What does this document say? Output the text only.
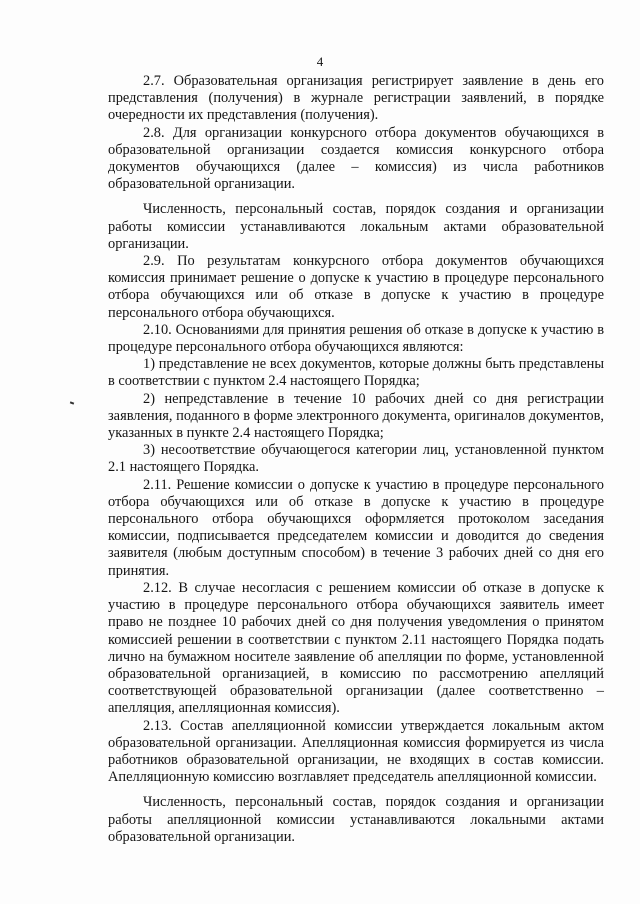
4

2.7. Образовательная организация регистрирует заявление в день его представления (получения) в журнале регистрации заявлений, в порядке очередности их представления (получения).

2.8. Для организации конкурсного отбора документов обучающихся в образовательной организации создается комиссия конкурсного отбора документов обучающихся (далее – комиссия) из числа работников образовательной организации.

Численность, персональный состав, порядок создания и организации работы комиссии устанавливаются локальным актами образовательной организации.

2.9. По результатам конкурсного отбора документов обучающихся комиссия принимает решение о допуске к участию в процедуре персонального отбора обучающихся или об отказе в допуске к участию в процедуре персонального отбора обучающихся.

2.10. Основаниями для принятия решения об отказе в допуске к участию в процедуре персонального отбора обучающихся являются:

1) представление не всех документов, которые должны быть представлены в соответствии с пунктом 2.4 настоящего Порядка;

2) непредставление в течение 10 рабочих дней со дня регистрации заявления, поданного в форме электронного документа, оригиналов документов, указанных в пункте 2.4 настоящего Порядка;

3) несоответствие обучающегося категории лиц, установленной пунктом 2.1 настоящего Порядка.

2.11. Решение комиссии о допуске к участию в процедуре персонального отбора обучающихся или об отказе в допуске к участию в процедуре персонального отбора обучающихся оформляется протоколом заседания комиссии, подписывается председателем комиссии и доводится до сведения заявителя (любым доступным способом) в течение 3 рабочих дней со дня его принятия.

2.12. В случае несогласия с решением комиссии об отказе в допуске к участию в процедуре персонального отбора обучающихся заявитель имеет право не позднее 10 рабочих дней со дня получения уведомления о принятом комиссией решении в соответствии с пунктом 2.11 настоящего Порядка подать лично на бумажном носителе заявление об апелляции по форме, установленной образовательной организацией, в комиссию по рассмотрению апелляций соответствующей образовательной организации (далее соответственно – апелляция, апелляционная комиссия).

2.13. Состав апелляционной комиссии утверждается локальным актом образовательной организации. Апелляционная комиссия формируется из числа работников образовательной организации, не входящих в состав комиссии. Апелляционную комиссию возглавляет председатель апелляционной комиссии.

Численность, персональный состав, порядок создания и организации работы апелляционной комиссии устанавливаются локальными актами образовательной организации.
